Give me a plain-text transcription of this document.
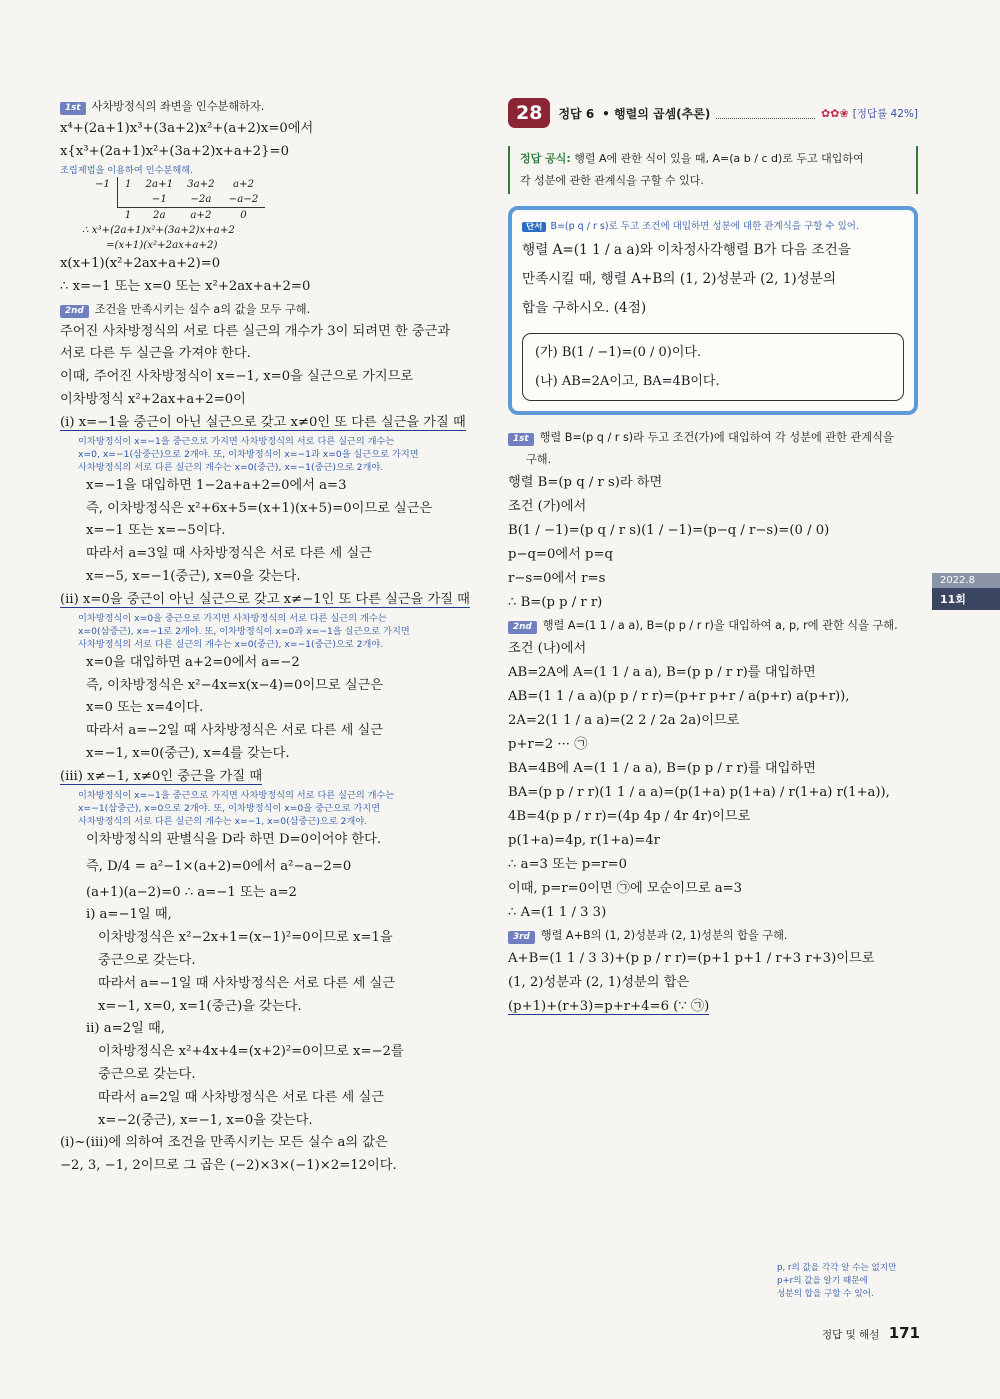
1st 사차방정식의 좌변을 인수분해하자.
x⁴+(2a+1)x³+(3a+2)x²+(a+2)x=0에서
x{x³+(2a+1)x²+(3a+2)x+a+2}=0
조립제법을 이용하여 인수분해해.
−1	1	2a+1	3a+2	a+2
		−1	−2a	−a−2
	1	2a	a+2	0
∴ x³+(2a+1)x²+(3a+2)x+a+2
=(x+1)(x²+2ax+a+2)
x(x+1)(x²+2ax+a+2)=0
∴ x=−1 또는 x=0 또는 x²+2ax+a+2=0
2nd 조건을 만족시키는 실수 a의 값을 모두 구해.
주어진 사차방정식의 서로 다른 실근의 개수가 3이 되려면 한 중근과
서로 다른 두 실근을 가져야 한다.
이때, 주어진 사차방정식이 x=−1, x=0을 실근으로 가지므로
이차방정식 x²+2ax+a+2=0이
(ⅰ) x=−1을 중근이 아닌 실근으로 갖고 x≠0인 또 다른 실근을 가질 때
이차방정식이 x=−1을 중근으로 가지면 사차방정식의 서로 다른 실근의 개수는
x=0, x=−1(삼중근)으로 2개야. 또, 이차방정식이 x=−1과 x=0을 실근으로 가지면
사차방정식의 서로 다른 실근의 개수는 x=0(중근), x=−1(중근)으로 2개야.
x=−1을 대입하면 1−2a+a+2=0에서 a=3
즉, 이차방정식은 x²+6x+5=(x+1)(x+5)=0이므로 실근은
x=−1 또는 x=−5이다.
따라서 a=3일 때 사차방정식은 서로 다른 세 실근
x=−5, x=−1(중근), x=0을 갖는다.
(ⅱ) x=0을 중근이 아닌 실근으로 갖고 x≠−1인 또 다른 실근을 가질 때
이차방정식이 x=0을 중근으로 가지면 사차방정식의 서로 다른 실근의 개수는
x=0(삼중근), x=−1로 2개야. 또, 이차방정식이 x=0과 x=−1을 실근으로 가지면
사차방정식의 서로 다른 실근의 개수는 x=0(중근), x=−1(중근)으로 2개야.
x=0을 대입하면 a+2=0에서 a=−2
즉, 이차방정식은 x²−4x=x(x−4)=0이므로 실근은
x=0 또는 x=4이다.
따라서 a=−2일 때 사차방정식은 서로 다른 세 실근
x=−1, x=0(중근), x=4를 갖는다.
(ⅲ) x≠−1, x≠0인 중근을 가질 때
이차방정식이 x=−1을 중근으로 가지면 사차방정식의 서로 다른 실근의 개수는
x=−1(삼중근), x=0으로 2개야. 또, 이차방정식이 x=0을 중근으로 가지면
사차방정식의 서로 다른 실근의 개수는 x=−1, x=0(삼중근)으로 2개야.
이차방정식의 판별식을 D라 하면 D=0이어야 한다.
즉, D/4 = a²−1×(a+2)=0에서 a²−a−2=0
(a+1)(a−2)=0 ∴ a=−1 또는 a=2
ⅰ) a=−1일 때,
이차방정식은 x²−2x+1=(x−1)²=0이므로 x=1을
중근으로 갖는다.
따라서 a=−1일 때 사차방정식은 서로 다른 세 실근
x=−1, x=0, x=1(중근)을 갖는다.
ⅱ) a=2일 때,
이차방정식은 x²+4x+4=(x+2)²=0이므로 x=−2를
중근으로 갖는다.
따라서 a=2일 때 사차방정식은 서로 다른 세 실근
x=−2(중근), x=−1, x=0을 갖는다.
(ⅰ)~(ⅲ)에 의하여 조건을 만족시키는 모든 실수 a의 값은
−2, 3, −1, 2이므로 그 곱은 (−2)×3×(−1)×2=12이다.
28	정답 6 • 행렬의 곱셈(추론)	✿✿❀ [정답률 42%]
정답 공식: 행렬 A에 관한 식이 있을 때, A=(a b / c d)로 두고 대입하여
각 성분에 관한 관계식을 구할 수 있다.
단서 B=(p q / r s)로 두고 조건에 대입하면 성분에 대한 관계식을 구할 수 있어.
행렬 A=(1 1 / a a)와 이차정사각행렬 B가 다음 조건을
만족시킬 때, 행렬 A+B의 (1, 2)성분과 (2, 1)성분의
합을 구하시오. (4점)
(가) B(1 / −1)=(0 / 0)이다.
(나) AB=2A이고, BA=4B이다.
1st 행렬 B=(p q / r s)라 두고 조건(가)에 대입하여 각 성분에 관한 관계식을
구해.
행렬 B=(p q / r s)라 하면
조건 (가)에서
B(1 / −1)=(p q / r s)(1 / −1)=(p−q / r−s)=(0 / 0)
p−q=0에서 p=q
r−s=0에서 r=s
∴ B=(p p / r r)
2nd 행렬 A=(1 1 / a a), B=(p p / r r)을 대입하여 a, p, r에 관한 식을 구해.
조건 (나)에서
AB=2A에 A=(1 1 / a a), B=(p p / r r)를 대입하면
AB=(1 1 / a a)(p p / r r)=(p+r p+r / a(p+r) a(p+r)),
2A=2(1 1 / a a)=(2 2 / 2a 2a)이므로
p+r=2 ··· ㉠
BA=4B에 A=(1 1 / a a), B=(p p / r r)를 대입하면
BA=(p p / r r)(1 1 / a a)=(p(1+a) p(1+a) / r(1+a) r(1+a)),
4B=4(p p / r r)=(4p 4p / 4r 4r)이므로
p(1+a)=4p, r(1+a)=4r
∴ a=3 또는 p=r=0
이때, p=r=0이면 ㉠에 모순이므로 a=3
∴ A=(1 1 / 3 3)
3rd 행렬 A+B의 (1, 2)성분과 (2, 1)성분의 합을 구해.
A+B=(1 1 / 3 3)+(p p / r r)=(p+1 p+1 / r+3 r+3)이므로
(1, 2)성분과 (2, 1)성분의 합은
(p+1)+(r+3)=p+r+4=6 (∵ ㉠)
p, r의 값을 각각 알 수는 없지만
p+r의 값을 알기 때문에
성분의 합을 구할 수 있어.
2022.8
11회
정답 및 해설 171
